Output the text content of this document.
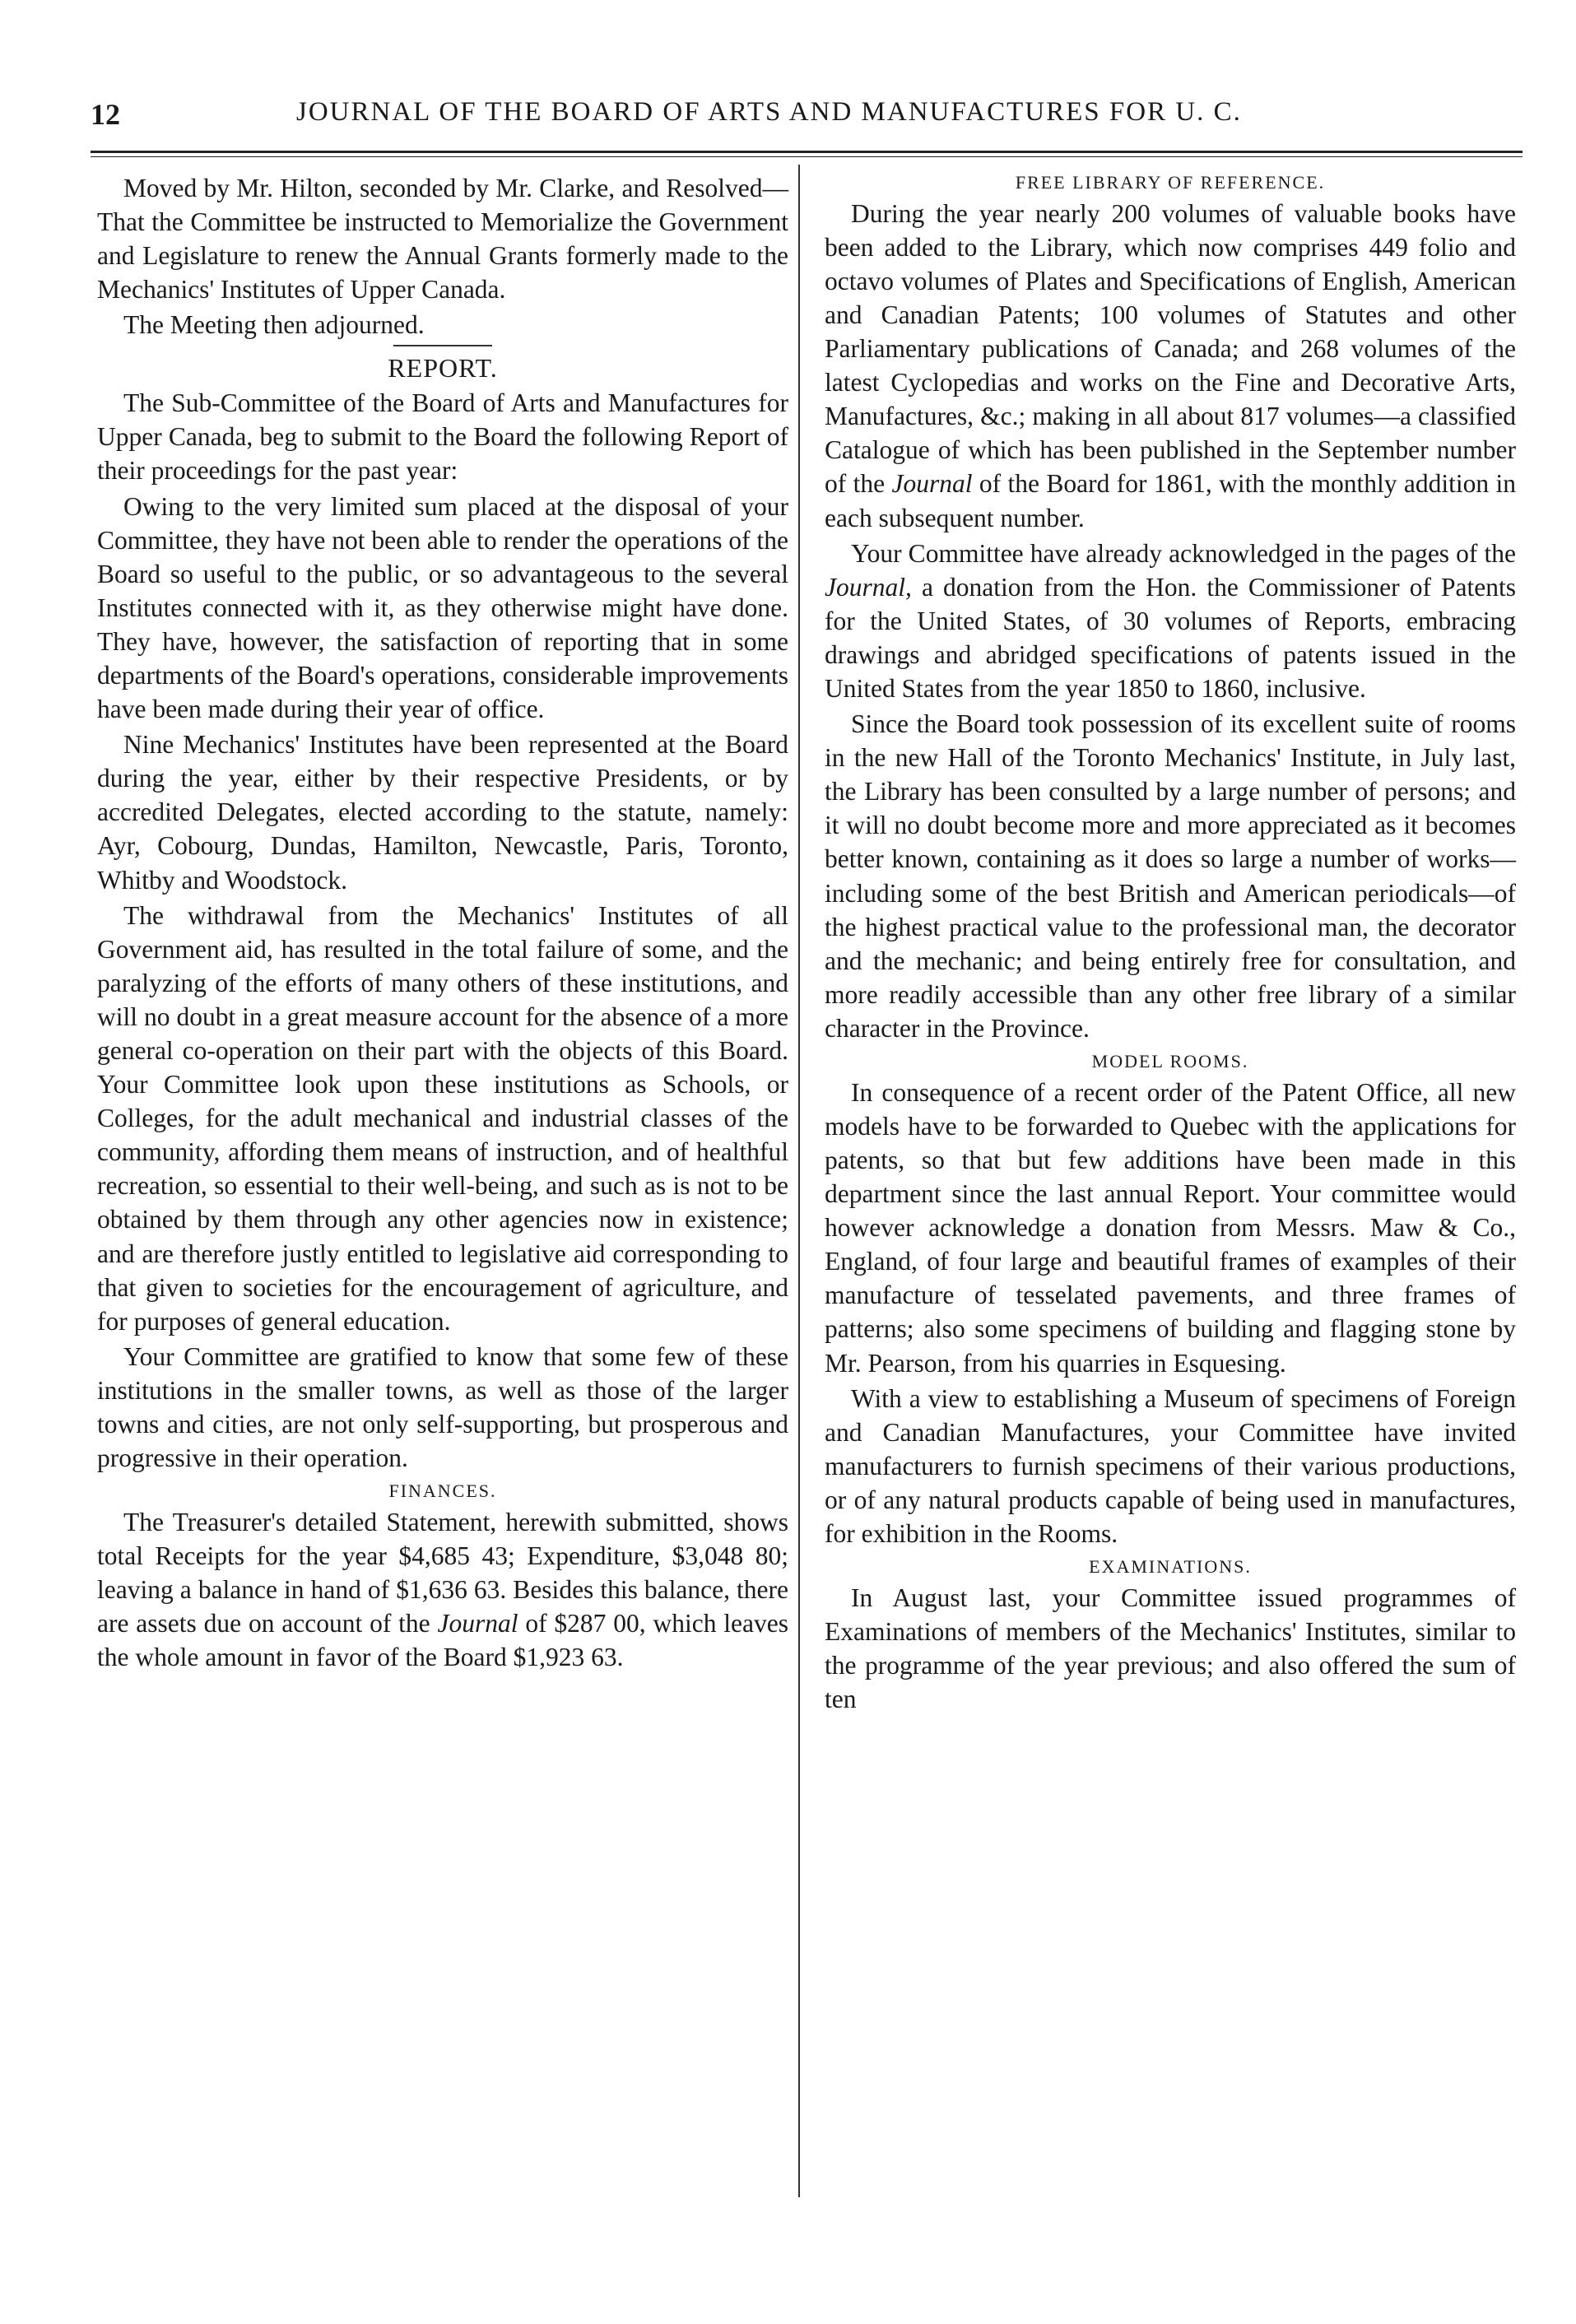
12	JOURNAL OF THE BOARD OF ARTS AND MANUFACTURES FOR U. C.

Moved by Mr. Hilton, seconded by Mr. Clarke, and Resolved—That the Committee be instructed to Memorialize the Government and Legislature to renew the Annual Grants formerly made to the Mechanics' Institutes of Upper Canada.

The Meeting then adjourned.

REPORT.

The Sub-Committee of the Board of Arts and Manufactures for Upper Canada, beg to submit to the Board the following Report of their proceedings for the past year:

Owing to the very limited sum placed at the disposal of your Committee, they have not been able to render the operations of the Board so useful to the public, or so advantageous to the several Institutes connected with it, as they otherwise might have done. They have, however, the satisfaction of reporting that in some departments of the Board's operations, considerable improvements have been made during their year of office.

Nine Mechanics' Institutes have been represented at the Board during the year, either by their respective Presidents, or by accredited Delegates, elected according to the statute, namely: Ayr, Cobourg, Dundas, Hamilton, Newcastle, Paris, Toronto, Whitby and Woodstock.

The withdrawal from the Mechanics' Institutes of all Government aid, has resulted in the total failure of some, and the paralyzing of the efforts of many others of these institutions, and will no doubt in a great measure account for the absence of a more general co-operation on their part with the objects of this Board. Your Committee look upon these institutions as Schools, or Colleges, for the adult mechanical and industrial classes of the community, affording them means of instruction, and of healthful recreation, so essential to their well-being, and such as is not to be obtained by them through any other agencies now in existence; and are therefore justly entitled to legislative aid corresponding to that given to societies for the encouragement of agriculture, and for purposes of general education.

Your Committee are gratified to know that some few of these institutions in the smaller towns, as well as those of the larger towns and cities, are not only self-supporting, but prosperous and progressive in their operation.

FINANCES.

The Treasurer's detailed Statement, herewith submitted, shows total Receipts for the year $4,685 43; Expenditure, $3,048 80; leaving a balance in hand of $1,636 63. Besides this balance, there are assets due on account of the Journal of $287 00, which leaves the whole amount in favor of the Board $1,923 63.

FREE LIBRARY OF REFERENCE.

During the year nearly 200 volumes of valuable books have been added to the Library, which now comprises 449 folio and octavo volumes of Plates and Specifications of English, American and Canadian Patents; 100 volumes of Statutes and other Parliamentary publications of Canada; and 268 volumes of the latest Cyclopedias and works on the Fine and Decorative Arts, Manufactures, &c.; making in all about 817 volumes—a classified Catalogue of which has been published in the September number of the Journal of the Board for 1861, with the monthly addition in each subsequent number.

Your Committee have already acknowledged in the pages of the Journal, a donation from the Hon. the Commissioner of Patents for the United States, of 30 volumes of Reports, embracing drawings and abridged specifications of patents issued in the United States from the year 1850 to 1860, inclusive.

Since the Board took possession of its excellent suite of rooms in the new Hall of the Toronto Mechanics' Institute, in July last, the Library has been consulted by a large number of persons; and it will no doubt become more and more appreciated as it becomes better known, containing as it does so large a number of works—including some of the best British and American periodicals—of the highest practical value to the professional man, the decorator and the mechanic; and being entirely free for consultation, and more readily accessible than any other free library of a similar character in the Province.

MODEL ROOMS.

In consequence of a recent order of the Patent Office, all new models have to be forwarded to Quebec with the applications for patents, so that but few additions have been made in this department since the last annual Report. Your committee would however acknowledge a donation from Messrs. Maw & Co., England, of four large and beautiful frames of examples of their manufacture of tesselated pavements, and three frames of patterns; also some specimens of building and flagging stone by Mr. Pearson, from his quarries in Esquesing.

With a view to establishing a Museum of specimens of Foreign and Canadian Manufactures, your Committee have invited manufacturers to furnish specimens of their various productions, or of any natural products capable of being used in manufactures, for exhibition in the Rooms.

EXAMINATIONS.

In August last, your Committee issued programmes of Examinations of members of the Mechanics' Institutes, similar to the programme of the year previous; and also offered the sum of ten
